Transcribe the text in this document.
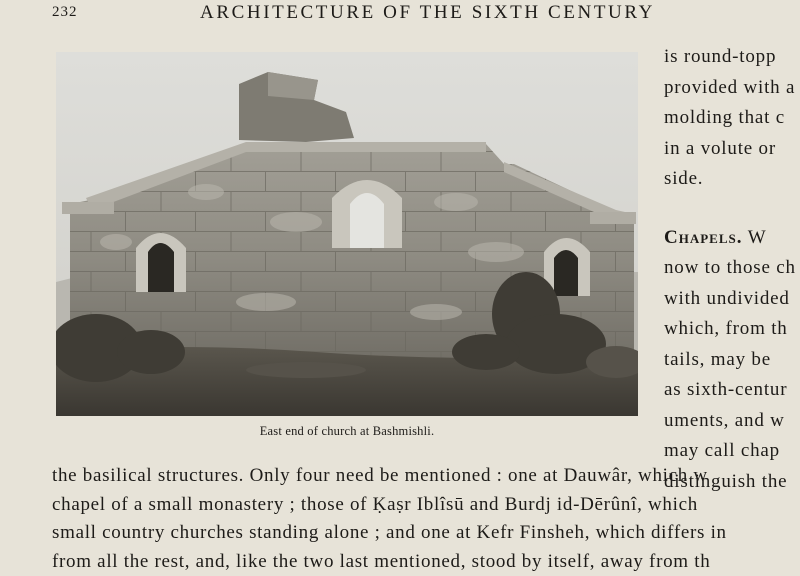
232	ARCHITECTURE OF THE SIXTH CENTURY
East end of church at Bashmishli.
is round-topp
provided with a
molding that c
in a volute or
side.
Chapels. W
now to those ch
with undivided
which, from th
tails, may be
as sixth-centur
uments, and w
may call chap
distinguish the
the basilical structures. Only four need be mentioned : one at Dauwâr, which w
chapel of a small monastery ; those of Ḳaṣr Iblîsū and Burdj id-Dērûnî, which
small country churches standing alone ; and one at Kefr Finsheh, which differs in
from all the rest, and, like the two last mentioned, stood by itself, away from th
